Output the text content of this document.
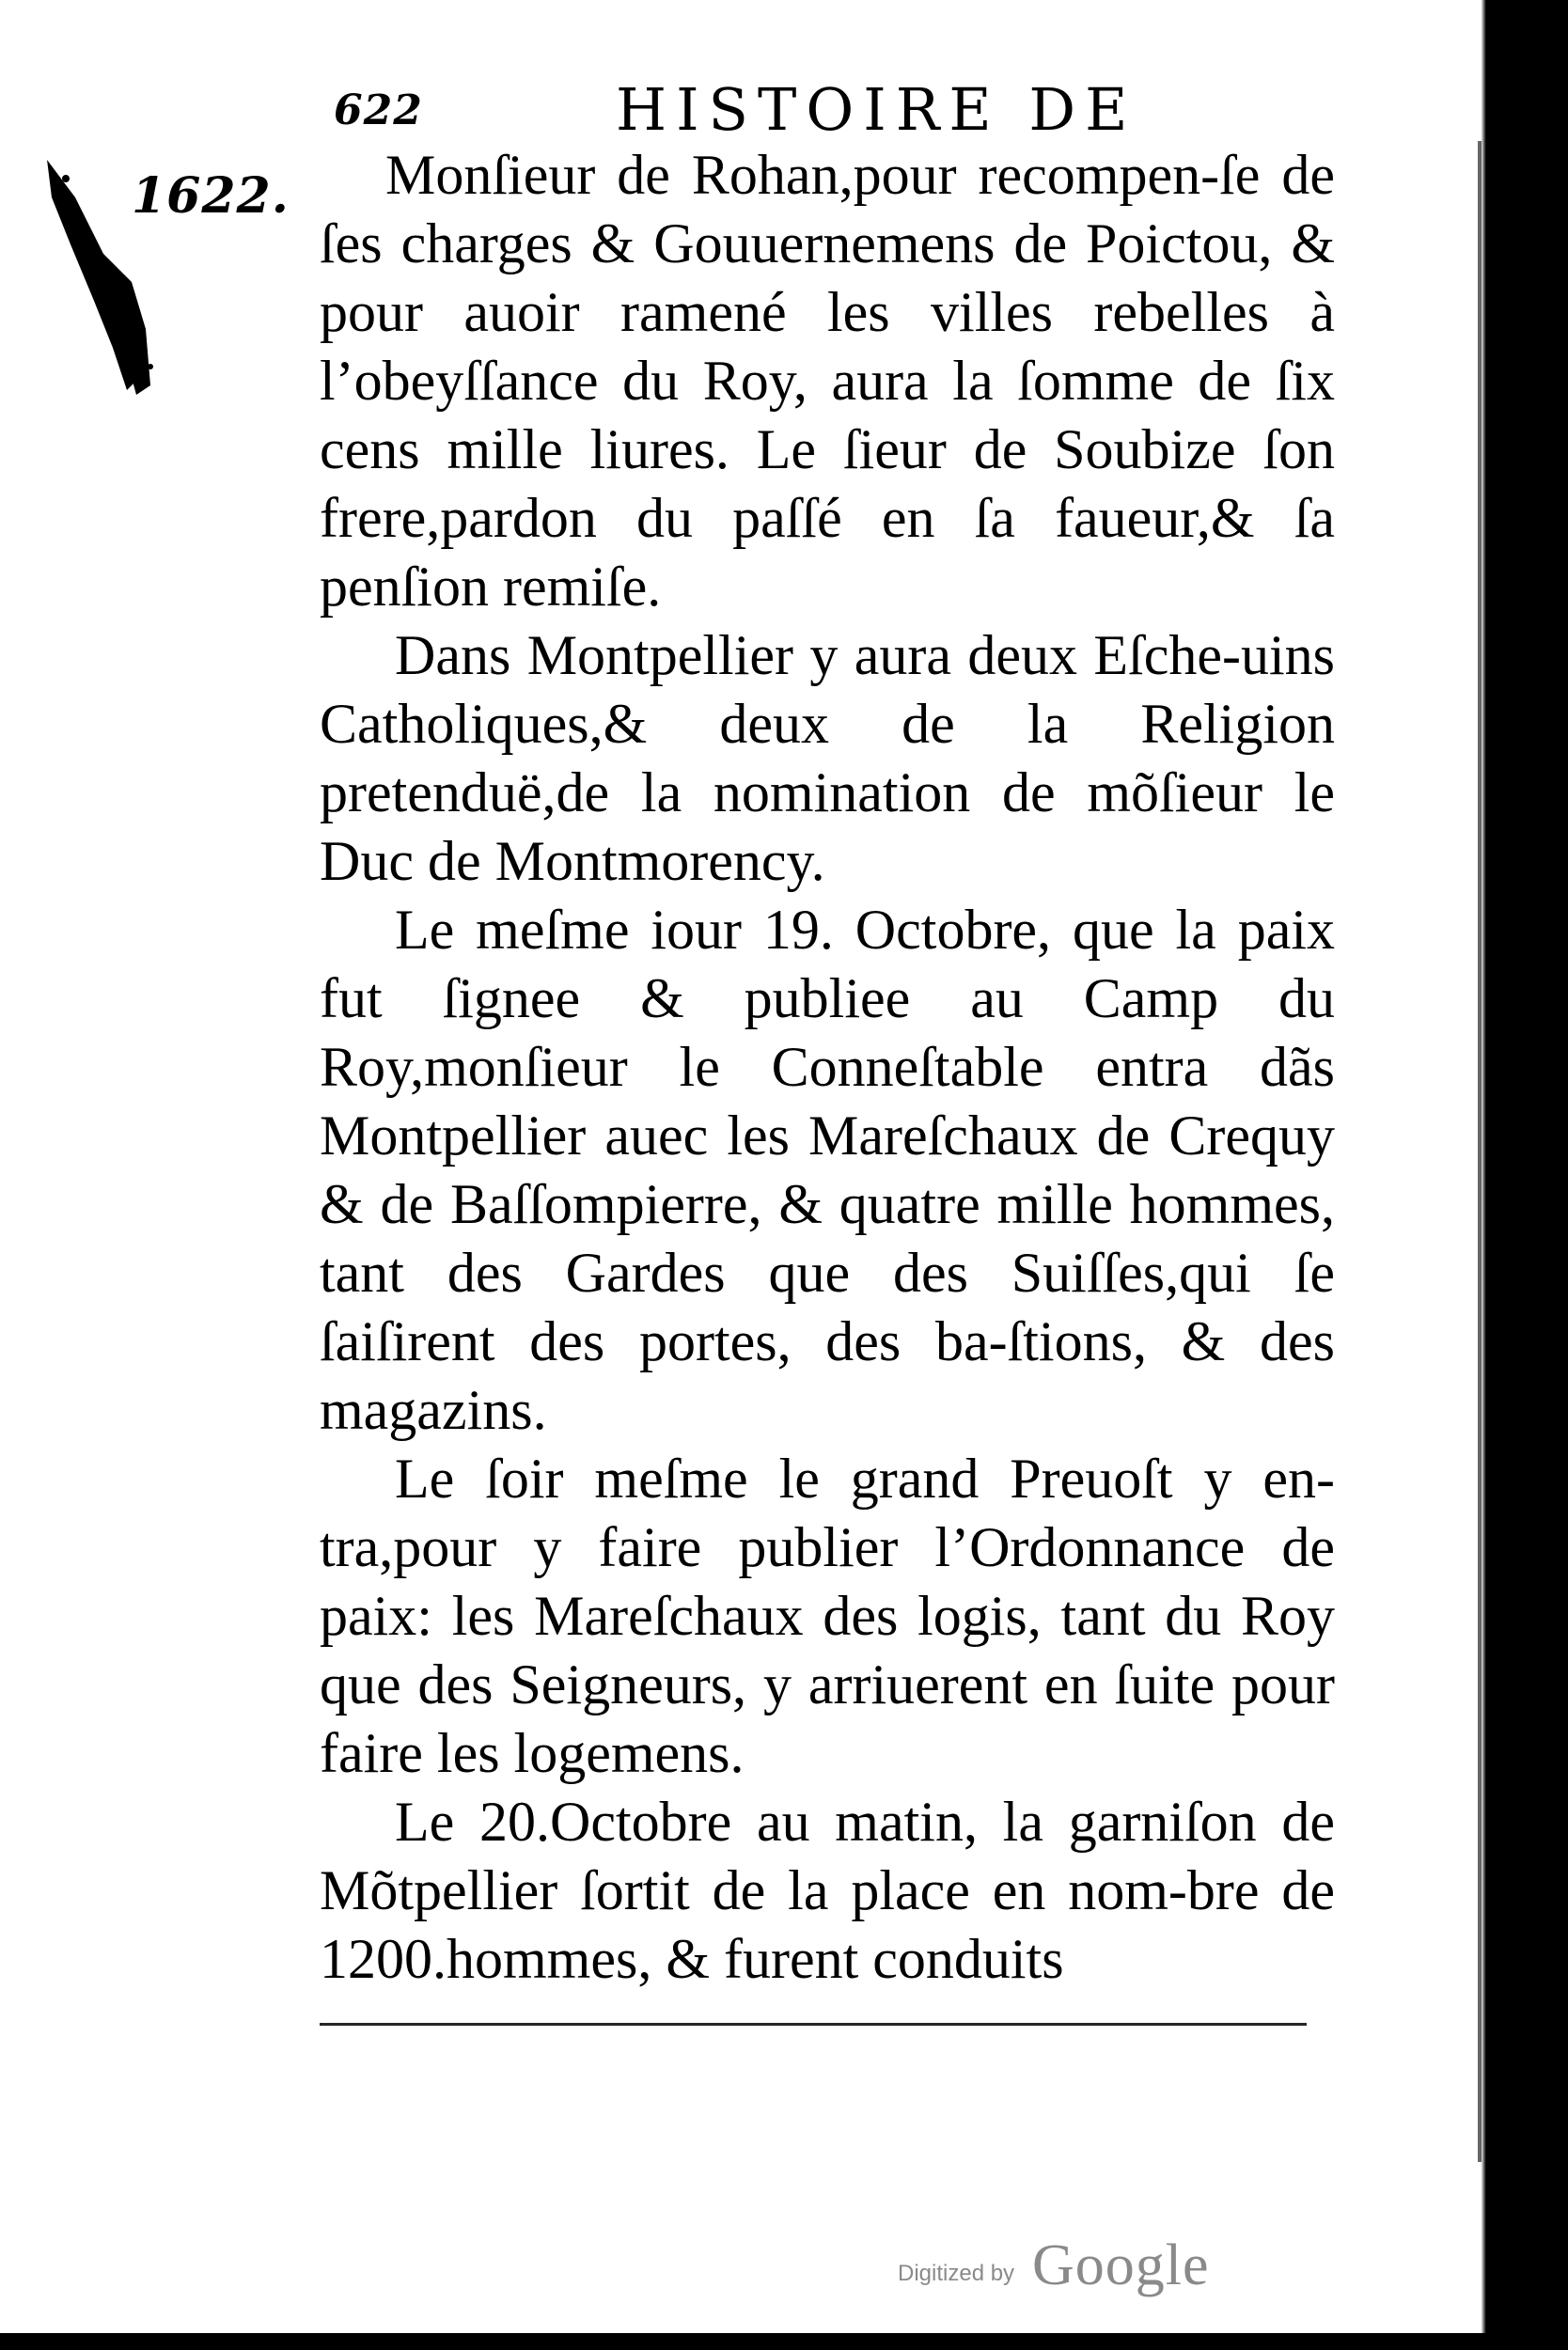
622	HISTOIRE DE
1622.	Monſieur de Rohan,pour recompen-ſe de ſes charges & Gouuernemens de Poictou, & pour auoir ramené les villes rebelles à l’obeyſſance du Roy, aura la ſomme de ſix cens mille liures. Le ſieur de Soubize ſon frere,pardon du paſſé en ſa faueur,& ſa penſion remiſe.

Dans Montpellier y aura deux Eſche-uins Catholiques,& deux de la Religion pretenduë,de la nomination de mõſieur le Duc de Montmorency.

Le meſme iour 19. Octobre, que la paix fut ſignee & publiee au Camp du Roy,monſieur le Conneſtable entra dãs Montpellier auec les Mareſchaux de Crequy & de Baſſompierre, & quatre mille hommes, tant des Gardes que des Suiſſes,qui ſe ſaiſirent des portes, des ba-ſtions, & des magazins.

Le ſoir meſme le grand Preuoſt y en-tra,pour y faire publier l’Ordonnance de paix: les Mareſchaux des logis, tant du Roy que des Seigneurs, y arriuerent en ſuite pour faire les logemens.

Le 20.Octobre au matin, la garniſon de Mõtpellier ſortit de la place en nom-bre de 1200.hommes, & furent conduits

Digitized by Google
